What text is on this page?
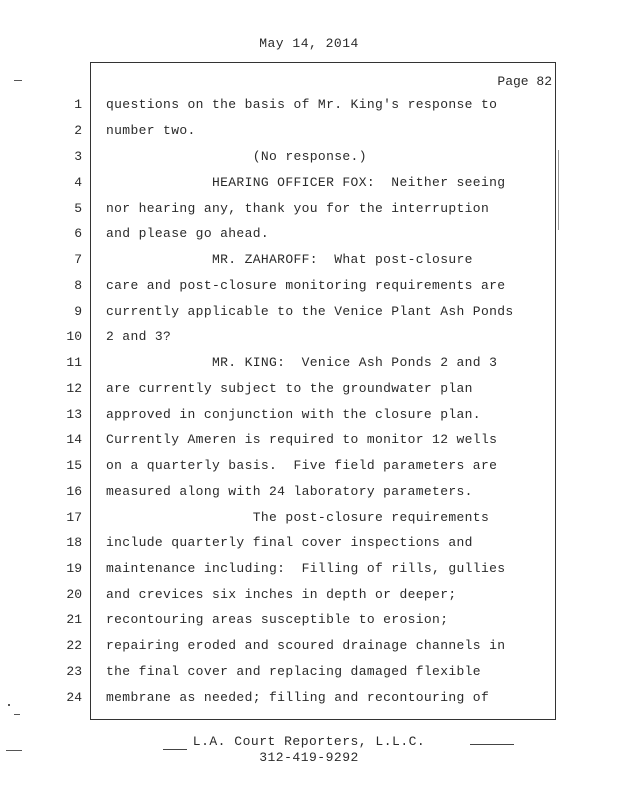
May 14, 2014
Page 82
1 questions on the basis of Mr. King's response to
2 number two.
3 (No response.)
4 HEARING OFFICER FOX:  Neither seeing
5 nor hearing any, thank you for the interruption
6 and please go ahead.
7 MR. ZAHAROFF:  What post-closure
8 care and post-closure monitoring requirements are
9 currently applicable to the Venice Plant Ash Ponds
10 2 and 3?
11 MR. KING:  Venice Ash Ponds 2 and 3
12 are currently subject to the groundwater plan
13 approved in conjunction with the closure plan.
14 Currently Ameren is required to monitor 12 wells
15 on a quarterly basis.  Five field parameters are
16 measured along with 24 laboratory parameters.
17 The post-closure requirements
18 include quarterly final cover inspections and
19 maintenance including:  Filling of rills, gullies
20 and crevices six inches in depth or deeper;
21 recontouring areas susceptible to erosion;
22 repairing eroded and scoured drainage channels in
23 the final cover and replacing damaged flexible
24 membrane as needed; filling and recontouring of
L.A. Court Reporters, L.L.C.
312-419-9292
